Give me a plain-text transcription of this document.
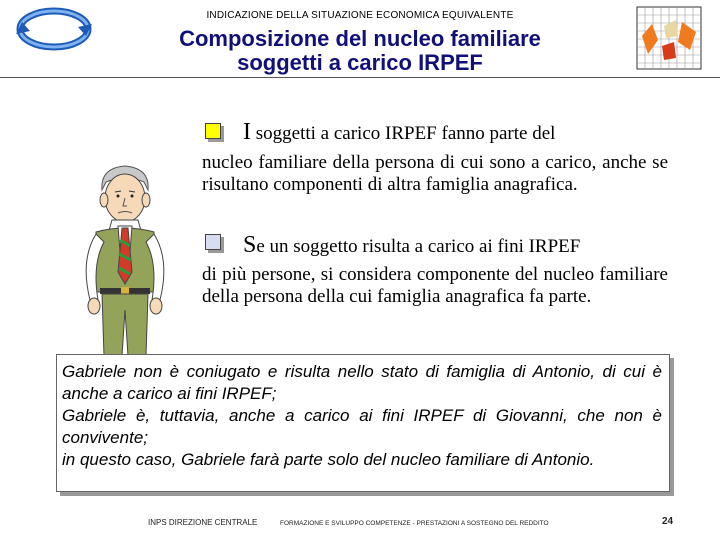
INDICAZIONE DELLA SITUAZIONE ECONOMICA EQUIVALENTE
Composizione del nucleo familiare
soggetti a carico IRPEF
I soggetti a carico IRPEF fanno parte del
nucleo familiare della persona di cui sono a carico, anche se risultano componenti di altra famiglia anagrafica.
Se un soggetto risulta a carico ai fini IRPEF
di più persone, si considera componente del nucleo familiare della persona della cui famiglia anagrafica fa parte.
Gabriele non è coniugato e risulta nello stato di famiglia di Antonio, di cui è anche a carico ai fini IRPEF;
Gabriele è, tuttavia, anche a carico ai fini IRPEF di Giovanni, che non è convivente;
in questo caso, Gabriele farà parte solo del nucleo familiare di Antonio.
INPS DIREZIONE CENTRALE	FORMAZIONE E SVILUPPO COMPETENZE - PRESTAZIONI A SOSTEGNO DEL REDDITO	24
